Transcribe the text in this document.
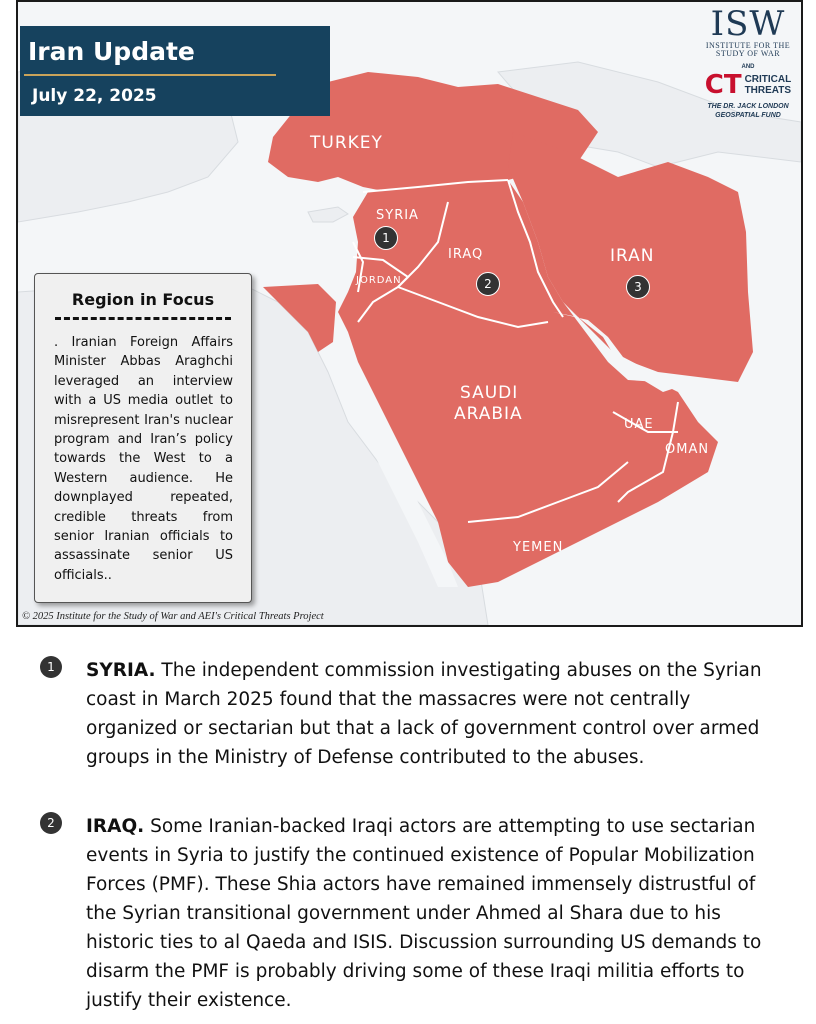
TURKEY
SYRIA
IRAQ	IRAN
JORDAN
SAUDI
ARABIA
UAE
OMAN
YEMEN
1
2	3
Iran Update
July 22, 2025
ISW
INSTITUTE FOR THE STUDY OF WAR
AND
CT CRITICAL
THREATS
THE DR. JACK LONDON
GEOSPATIAL FUND
Region in Focus
. Iranian Foreign Affairs Minister Abbas Araghchi leveraged an interview with a US media outlet to misrepresent Iran's nuclear program and Iran’s policy towards the West to a Western audience. He downplayed repeated, credible threats from senior Iranian officials to assassinate senior US officials..
© 2025 Institute for the Study of War and AEI's Critical Threats Project
1	SYRIA. The independent commission investigating abuses on the Syrian coast in March 2025 found that the massacres were not centrally organized or sectarian but that a lack of government control over armed groups in the Ministry of Defense contributed to the abuses.
2	IRAQ. Some Iranian-backed Iraqi actors are attempting to use sectarian events in Syria to justify the continued existence of Popular Mobilization Forces (PMF). These Shia actors have remained immensely distrustful of the Syrian transitional government under Ahmed al Shara due to his historic ties to al Qaeda and ISIS. Discussion surrounding US demands to disarm the PMF is probably driving some of these Iraqi militia efforts to justify their existence.
